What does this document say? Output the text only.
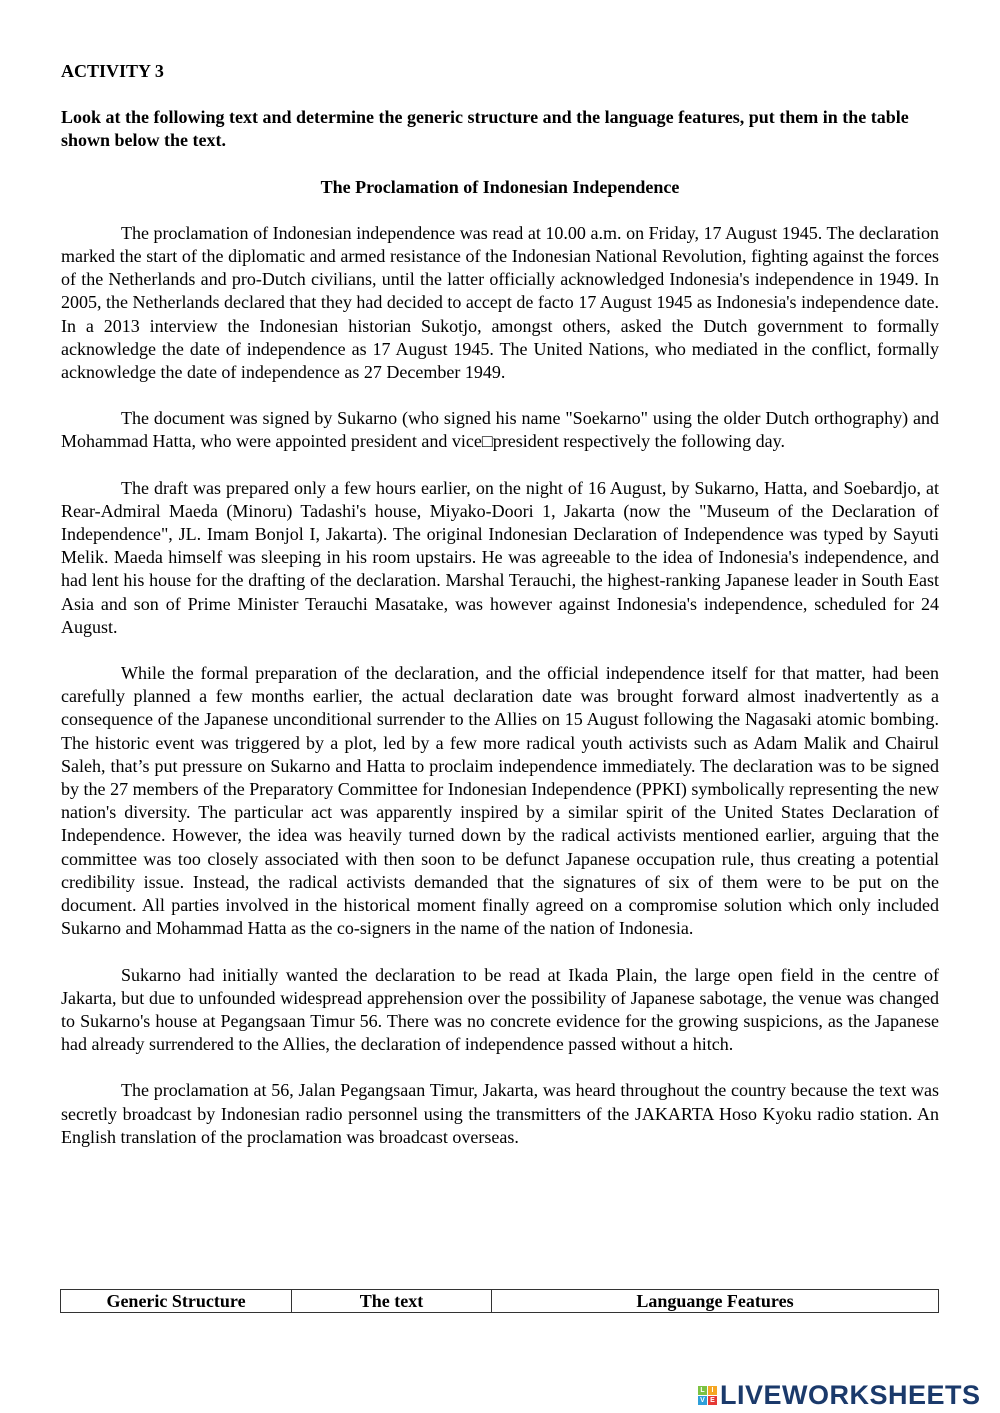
ACTIVITY 3
Look at the following text and determine the generic structure and the language features, put them in the table shown below the text.
The Proclamation of Indonesian Independence

The proclamation of Indonesian independence was read at 10.00 a.m. on Friday, 17 August 1945. The declaration marked the start of the diplomatic and armed resistance of the Indonesian National Revolution, fighting against the forces of the Netherlands and pro-Dutch civilians, until the latter officially acknowledged Indonesia's independence in 1949. In 2005, the Netherlands declared that they had decided to accept de facto 17 August 1945 as Indonesia's independence date. In a 2013 interview the Indonesian historian Sukotjo, amongst others, asked the Dutch government to formally acknowledge the date of independence as 17 August 1945. The United Nations, who mediated in the conflict, formally acknowledge the date of independence as 27 December 1949.

The document was signed by Sukarno (who signed his name "Soekarno" using the older Dutch orthography) and Mohammad Hatta, who were appointed president and vice□president respectively the following day.

The draft was prepared only a few hours earlier, on the night of 16 August, by Sukarno, Hatta, and Soebardjo, at Rear-Admiral Maeda (Minoru) Tadashi's house, Miyako-Doori 1, Jakarta (now the "Museum of the Declaration of Independence", JL. Imam Bonjol I, Jakarta). The original Indonesian Declaration of Independence was typed by Sayuti Melik. Maeda himself was sleeping in his room upstairs. He was agreeable to the idea of Indonesia's independence, and had lent his house for the drafting of the declaration. Marshal Terauchi, the highest-ranking Japanese leader in South East Asia and son of Prime Minister Terauchi Masatake, was however against Indonesia's independence, scheduled for 24 August.

While the formal preparation of the declaration, and the official independence itself for that matter, had been carefully planned a few months earlier, the actual declaration date was brought forward almost inadvertently as a consequence of the Japanese unconditional surrender to the Allies on 15 August following the Nagasaki atomic bombing. The historic event was triggered by a plot, led by a few more radical youth activists such as Adam Malik and Chairul Saleh, that’s put pressure on Sukarno and Hatta to proclaim independence immediately. The declaration was to be signed by the 27 members of the Preparatory Committee for Indonesian Independence (PPKI) symbolically representing the new nation's diversity. The particular act was apparently inspired by a similar spirit of the United States Declaration of Independence. However, the idea was heavily turned down by the radical activists mentioned earlier, arguing that the committee was too closely associated with then soon to be defunct Japanese occupation rule, thus creating a potential credibility issue. Instead, the radical activists demanded that the signatures of six of them were to be put on the document. All parties involved in the historical moment finally agreed on a compromise solution which only included Sukarno and Mohammad Hatta as the co-signers in the name of the nation of Indonesia.

Sukarno had initially wanted the declaration to be read at Ikada Plain, the large open field in the centre of Jakarta, but due to unfounded widespread apprehension over the possibility of Japanese sabotage, the venue was changed to Sukarno's house at Pegangsaan Timur 56. There was no concrete evidence for the growing suspicions, as the Japanese had already surrendered to the Allies, the declaration of independence passed without a hitch.

The proclamation at 56, Jalan Pegangsaan Timur, Jakarta, was heard throughout the country because the text was secretly broadcast by Indonesian radio personnel using the transmitters of the JAKARTA Hoso Kyoku radio station. An English translation of the proclamation was broadcast overseas.

Generic Structure	The text	Languange Features
L I
V E LIVEWORKSHEETS
